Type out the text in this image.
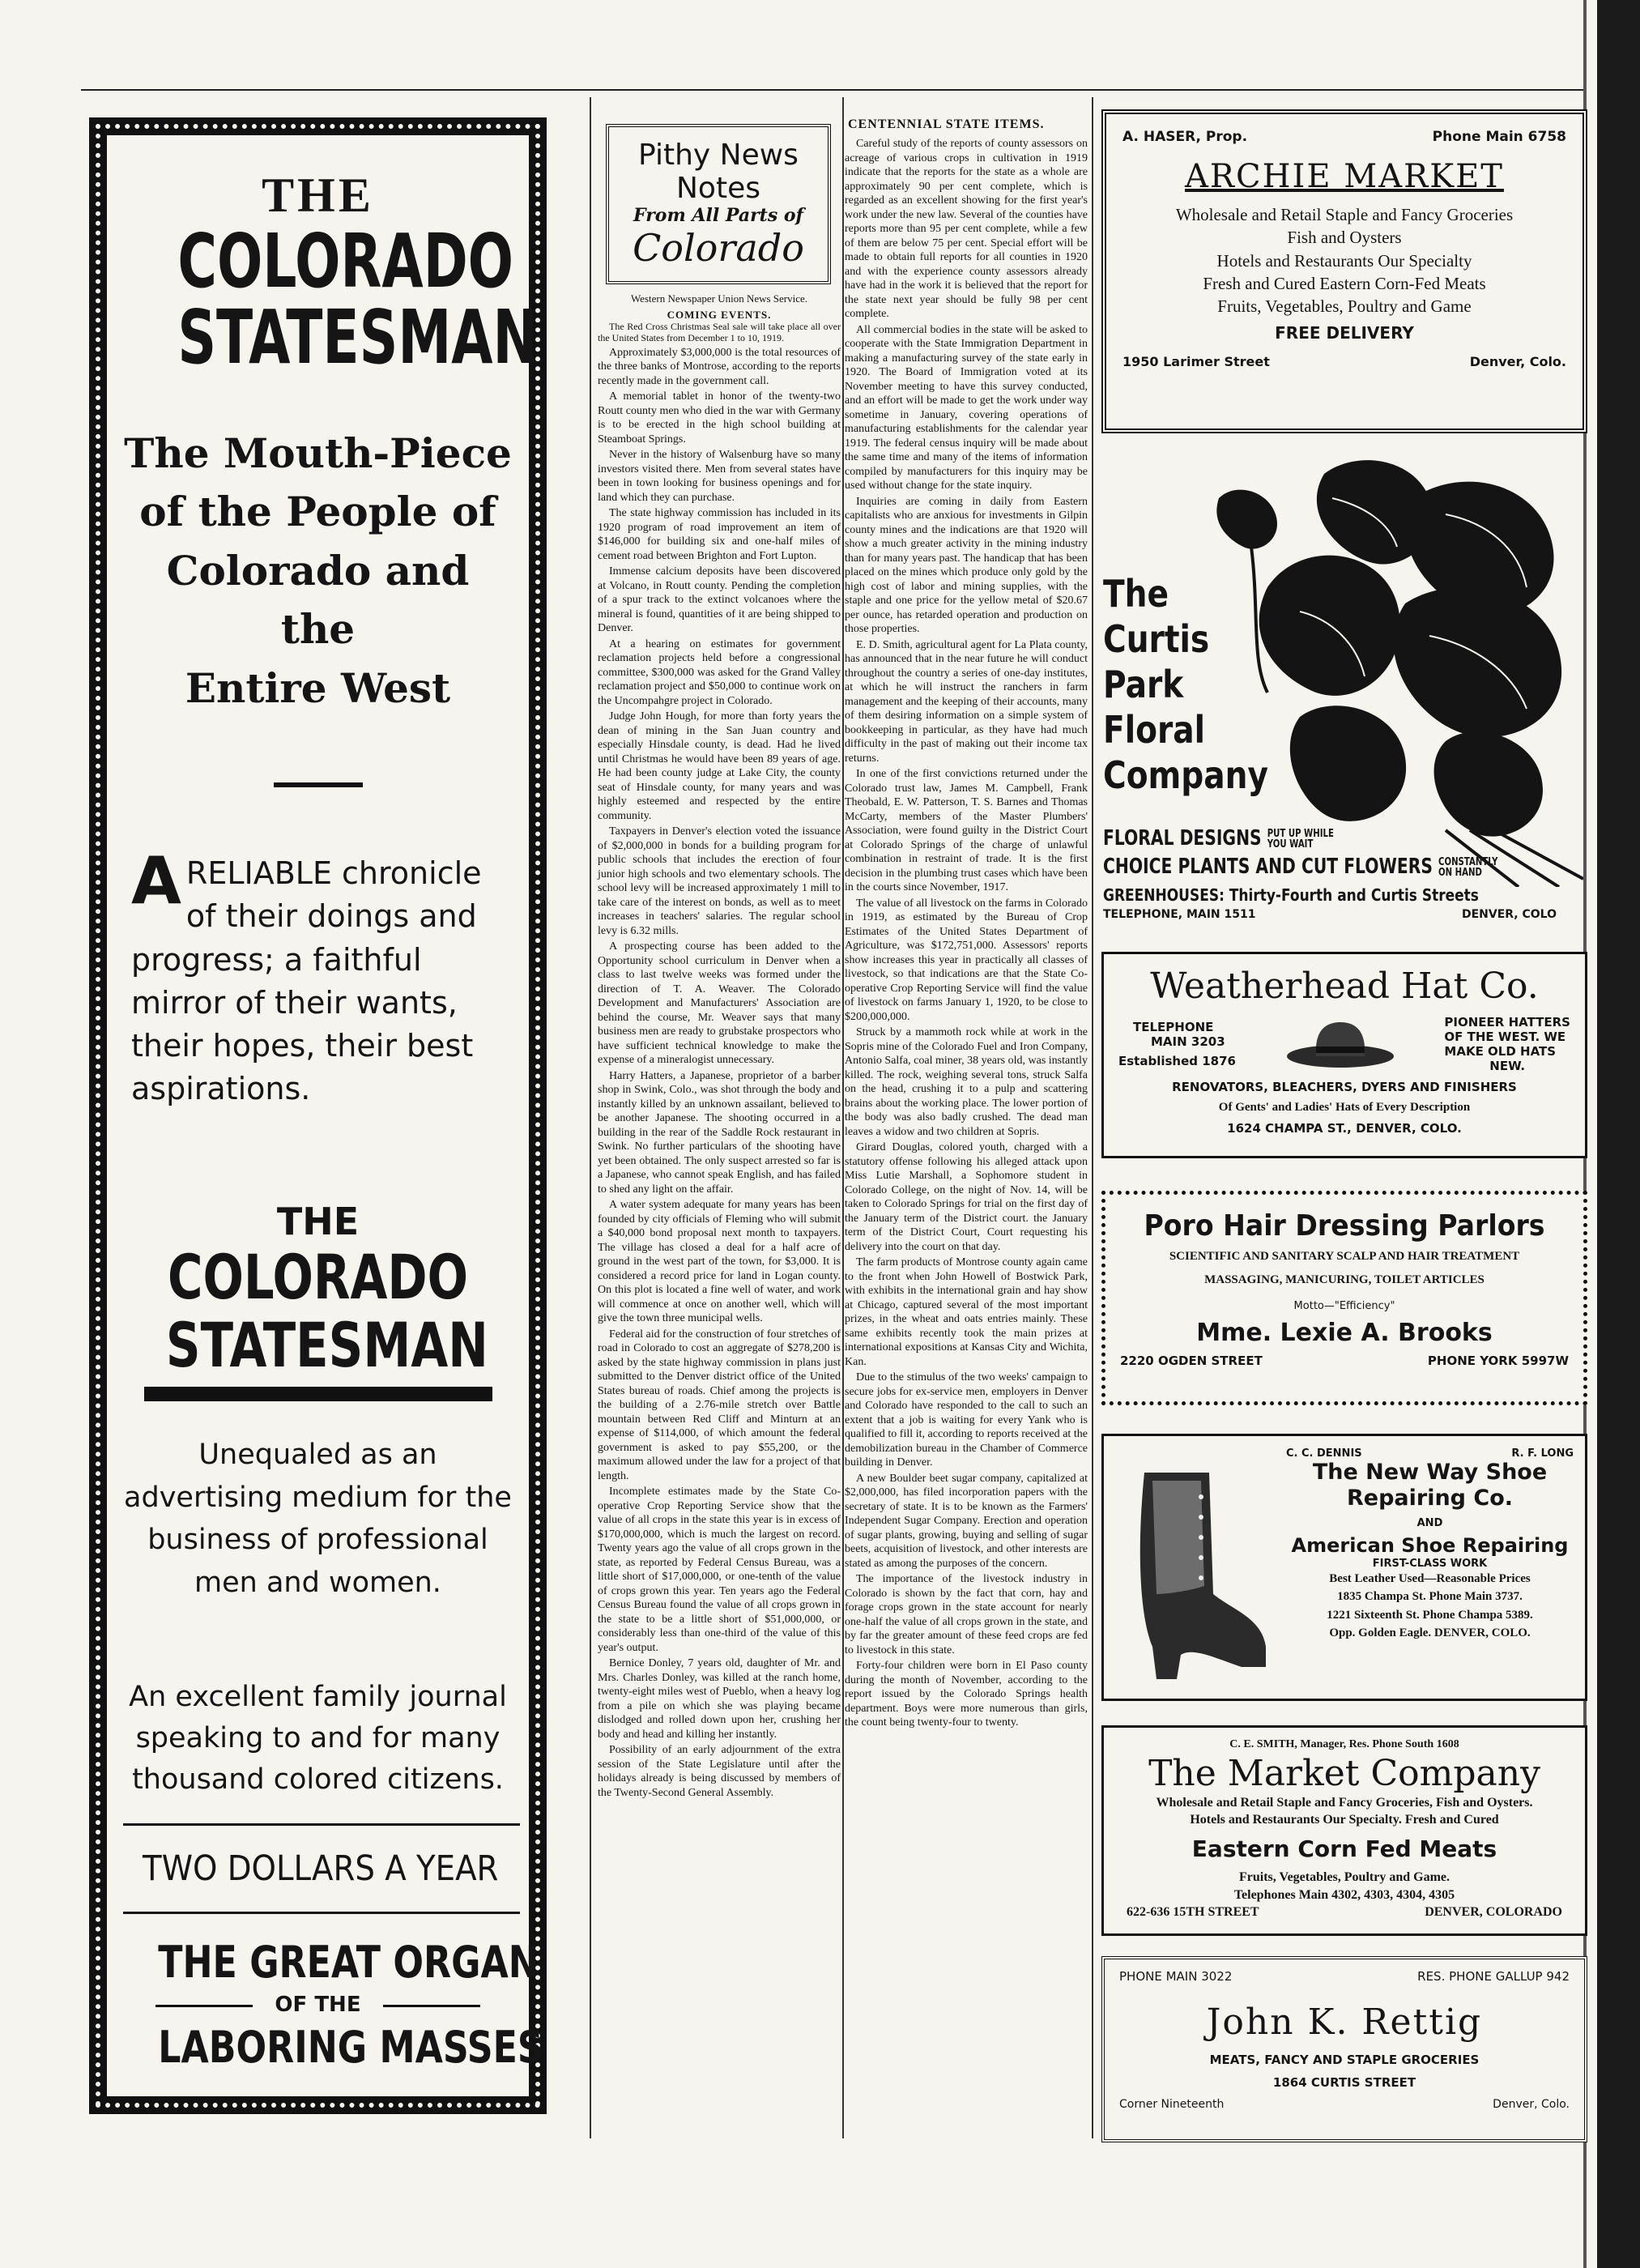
THE
COLORADO
STATESMAN
The Mouth-Piece
of the People of
Colorado and the
Entire West
ARELIABLE chronicle of their doings and progress; a faithful mirror of their wants, their hopes, their best aspirations.
THE
COLORADO
STATESMAN
Unequaled as an advertising medium for the business of professional men and women.
An excellent family journal speaking to and for many thousand colored citizens.
TWO DOLLARS A YEAR
THE GREAT ORGAN
OF THE
LABORING MASSES
Pithy News Notes
From All Parts of
Colorado
Western Newspaper Union News Service.
COMING EVENTS.

The Red Cross Christmas Seal sale will take place all over the United States from December 1 to 10, 1919.

Approximately $3,000,000 is the total resources of the three banks of Montrose, according to the reports recently made in the government call.

A memorial tablet in honor of the twenty-two Routt county men who died in the war with Germany is to be erected in the high school building at Steamboat Springs.

Never in the history of Walsenburg have so many investors visited there. Men from several states have been in town looking for business openings and for land which they can purchase.

The state highway commission has included in its 1920 program of road improvement an item of $146,000 for building six and one-half miles of cement road between Brighton and Fort Lupton.

Immense calcium deposits have been discovered at Volcano, in Routt county. Pending the completion of a spur track to the extinct volcanoes where the mineral is found, quantities of it are being shipped to Denver.

At a hearing on estimates for government reclamation projects held before a congressional committee, $300,000 was asked for the Grand Valley reclamation project and $50,000 to continue work on the Uncompahgre project in Colorado.

Judge John Hough, for more than forty years the dean of mining in the San Juan country and especially Hinsdale county, is dead. Had he lived until Christmas he would have been 89 years of age. He had been county judge at Lake City, the county seat of Hinsdale county, for many years and was highly esteemed and respected by the entire community.

Taxpayers in Denver's election voted the issuance of $2,000,000 in bonds for a building program for public schools that includes the erection of four junior high schools and two elementary schools. The school levy will be increased approximately 1 mill to take care of the interest on bonds, as well as to meet increases in teachers' salaries. The regular school levy is 6.32 mills.

A prospecting course has been added to the Opportunity school curriculum in Denver when a class to last twelve weeks was formed under the direction of T. A. Weaver. The Colorado Development and Manufacturers' Association are behind the course, Mr. Weaver says that many business men are ready to grubstake prospectors who have sufficient technical knowledge to make the expense of a mineralogist unnecessary.

Harry Hatters, a Japanese, proprietor of a barber shop in Swink, Colo., was shot through the body and instantly killed by an unknown assailant, believed to be another Japanese. The shooting occurred in a building in the rear of the Saddle Rock restaurant in Swink. No further particulars of the shooting have yet been obtained. The only suspect arrested so far is a Japanese, who cannot speak English, and has failed to shed any light on the affair.

A water system adequate for many years has been founded by city officials of Fleming who will submit a $40,000 bond proposal next month to taxpayers. The village has closed a deal for a half acre of ground in the west part of the town, for $3,000. It is considered a record price for land in Logan county. On this plot is located a fine well of water, and work will commence at once on another well, which will give the town three municipal wells.

Federal aid for the construction of four stretches of road in Colorado to cost an aggregate of $278,200 is asked by the state highway commission in plans just submitted to the Denver district office of the United States bureau of roads. Chief among the projects is the building of a 2.76-mile stretch over Battle mountain between Red Cliff and Minturn at an expense of $114,000, of which amount the federal government is asked to pay $55,200, or the maximum allowed under the law for a project of that length.

Incomplete estimates made by the State Co-operative Crop Reporting Service show that the value of all crops in the state this year is in excess of $170,000,000, which is much the largest on record. Twenty years ago the value of all crops grown in the state, as reported by Federal Census Bureau, was a little short of $17,000,000, or one-tenth of the value of crops grown this year. Ten years ago the Federal Census Bureau found the value of all crops grown in the state to be a little short of $51,000,000, or considerably less than one-third of the value of this year's output.

Bernice Donley, 7 years old, daughter of Mr. and Mrs. Charles Donley, was killed at the ranch home, twenty-eight miles west of Pueblo, when a heavy log from a pile on which she was playing became dislodged and rolled down upon her, crushing her body and head and killing her instantly.

Possibility of an early adjournment of the extra session of the State Legislature until after the holidays already is being discussed by members of the Twenty-Second General Assembly.

CENTENNIAL STATE ITEMS.

Careful study of the reports of county assessors on acreage of various crops in cultivation in 1919 indicate that the reports for the state as a whole are approximately 90 per cent complete, which is regarded as an excellent showing for the first year's work under the new law. Several of the counties have reports more than 95 per cent complete, while a few of them are below 75 per cent. Special effort will be made to obtain full reports for all counties in 1920 and with the experience county assessors already have had in the work it is believed that the report for the state next year should be fully 98 per cent complete.

All commercial bodies in the state will be asked to cooperate with the State Immigration Department in making a manufacturing survey of the state early in 1920. The Board of Immigration voted at its November meeting to have this survey conducted, and an effort will be made to get the work under way sometime in January, covering operations of manufacturing establishments for the calendar year 1919. The federal census inquiry will be made about the same time and many of the items of information compiled by manufacturers for this inquiry may be used without change for the state inquiry.

Inquiries are coming in daily from Eastern capitalists who are anxious for investments in Gilpin county mines and the indications are that 1920 will show a much greater activity in the mining industry than for many years past. The handicap that has been placed on the mines which produce only gold by the high cost of labor and mining supplies, with the staple and one price for the yellow metal of $20.67 per ounce, has retarded operation and production on those properties.

E. D. Smith, agricultural agent for La Plata county, has announced that in the near future he will conduct throughout the country a series of one-day institutes, at which he will instruct the ranchers in farm management and the keeping of their accounts, many of them desiring information on a simple system of bookkeeping in particular, as they have had much difficulty in the past of making out their income tax returns.

In one of the first convictions returned under the Colorado trust law, James M. Campbell, Frank Theobald, E. W. Patterson, T. S. Barnes and Thomas McCarty, members of the Master Plumbers' Association, were found guilty in the District Court at Colorado Springs of the charge of unlawful combination in restraint of trade. It is the first decision in the plumbing trust cases which have been in the courts since November, 1917.

The value of all livestock on the farms in Colorado in 1919, as estimated by the Bureau of Crop Estimates of the United States Department of Agriculture, was $172,751,000. Assessors' reports show increases this year in practically all classes of livestock, so that indications are that the State Co-operative Crop Reporting Service will find the value of livestock on farms January 1, 1920, to be close to $200,000,000.

Struck by a mammoth rock while at work in the Sopris mine of the Colorado Fuel and Iron Company, Antonio Salfa, coal miner, 38 years old, was instantly killed. The rock, weighing several tons, struck Salfa on the head, crushing it to a pulp and scattering brains about the working place. The lower portion of the body was also badly crushed. The dead man leaves a widow and two children at Sopris.

Girard Douglas, colored youth, charged with a statutory offense following his alleged attack upon Miss Lutie Marshall, a Sophomore student in Colorado College, on the night of Nov. 14, will be taken to Colorado Springs for trial on the first day of the January term of the District court. the January term of the District Court, Court requesting his delivery into the court on that day.

The farm products of Montrose county again came to the front when John Howell of Bostwick Park, with exhibits in the international grain and hay show at Chicago, captured several of the most important prizes, in the wheat and oats entries mainly. These same exhibits recently took the main prizes at international expositions at Kansas City and Wichita, Kan.

Due to the stimulus of the two weeks' campaign to secure jobs for ex-service men, employers in Denver and Colorado have responded to the call to such an extent that a job is waiting for every Yank who is qualified to fill it, according to reports received at the demobilization bureau in the Chamber of Commerce building in Denver.

A new Boulder beet sugar company, capitalized at $2,000,000, has filed incorporation papers with the secretary of state. It is to be known as the Farmers' Independent Sugar Company. Erection and operation of sugar plants, growing, buying and selling of sugar beets, acquisition of livestock, and other interests are stated as among the purposes of the concern.

The importance of the livestock industry in Colorado is shown by the fact that corn, hay and forage crops grown in the state account for nearly one-half the value of all crops grown in the state, and by far the greater amount of these feed crops are fed to livestock in this state.

Forty-four children were born in El Paso county during the month of November, according to the report issued by the Colorado Springs health department. Boys were more numerous than girls, the count being twenty-four to twenty.

A. HASER, Prop.	Phone Main 6758
ARCHIE MARKET
Wholesale and Retail Staple and Fancy Groceries
Fish and Oysters
Hotels and Restaurants Our Specialty
Fresh and Cured Eastern Corn-Fed Meats
Fruits, Vegetables, Poultry and Game
FREE DELIVERY
1950 Larimer Street	Denver, Colo.
The
Curtis
Park
Floral
Company
FLORAL DESIGNS PUT UP WHILE
YOU WAIT
CHOICE PLANTS AND CUT FLOWERS CONSTANTLY
ON HAND
GREENHOUSES: Thirty-Fourth and Curtis Streets
TELEPHONE, MAIN 1511	DENVER, COLO
Weatherhead Hat Co.
TELEPHONE
MAIN 3203
Established 1876
PIONEER HATTERS
OF THE WEST. WE
MAKE OLD HATS
NEW.
RENOVATORS, BLEACHERS, DYERS AND FINISHERS
Of Gents' and Ladies' Hats of Every Description
1624 CHAMPA ST., DENVER, COLO.
Poro Hair Dressing Parlors
SCIENTIFIC AND SANITARY SCALP AND HAIR TREATMENT
MASSAGING, MANICURING, TOILET ARTICLES
Motto—"Efficiency"
Mme. Lexie A. Brooks
2220 OGDEN STREET	PHONE YORK 5997W
C. C. DENNIS	R. F. LONG
The New Way Shoe
Repairing Co.
AND
American Shoe Repairing
FIRST-CLASS WORK
Best Leather Used—Reasonable Prices
1835 Champa St. Phone Main 3737.
1221 Sixteenth St. Phone Champa 5389.
Opp. Golden Eagle. DENVER, COLO.
C. E. SMITH, Manager, Res. Phone South 1608
The Market Company
Wholesale and Retail Staple and Fancy Groceries, Fish and Oysters.
Hotels and Restaurants Our Specialty. Fresh and Cured
Eastern Corn Fed Meats
Fruits, Vegetables, Poultry and Game.
Telephones Main 4302, 4303, 4304, 4305
622-636 15TH STREET	DENVER, COLORADO
PHONE MAIN 3022	RES. PHONE GALLUP 942
John K. Rettig
MEATS, FANCY AND STAPLE GROCERIES
1864 CURTIS STREET
Corner Nineteenth	Denver, Colo.
